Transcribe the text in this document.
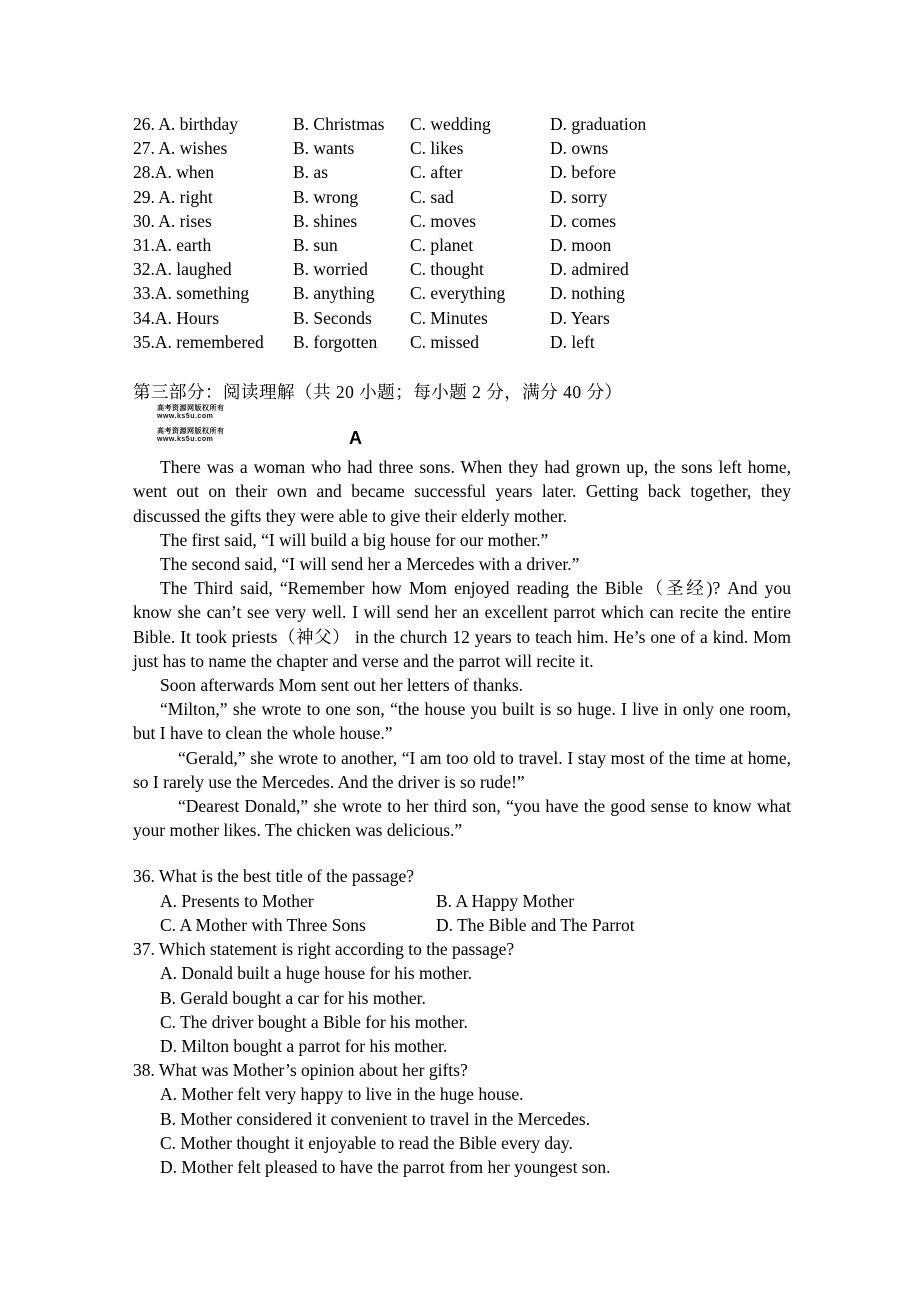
26. A. birthday	B. Christmas C. wedding	D. graduation
27. A. wishes	B. wants	C. likes	D. owns
28.A. when	B. as	C. after	D. before
29. A. right	B. wrong	C. sad	D. sorry
30. A. rises	B. shines	C. moves	D. comes
31.A. earth	B. sun	C. planet	D. moon
32.A. laughed	B. worried C. thought	D. admired
33.A. something	B. anything C. everything	D. nothing
34.A. Hours	B. Seconds C. Minutes	D. Years
35.A. remembered B. forgotten C. missed	D. left
第三部分：阅读理解（共 20 小题；每小题 2 分，满分 40 分）
高考资源网版权所有
www.ks5u.com
高考资源网版权所有
www.ks5u.com	A

There was a woman who had three sons. When they had grown up, the sons left home, went out on their own and became successful years later. Getting back together, they discussed the gifts they were able to give their elderly mother.

The first said, “I will build a big house for our mother.”

The second said, “I will send her a Mercedes with a driver.”

The Third said, “Remember how Mom enjoyed reading the Bible（圣经)? And you know she can’t see very well. I will send her an excellent parrot which can recite the entire Bible. It took priests（神父） in the church 12 years to teach him. He’s one of a kind. Mom just has to name the chapter and verse and the parrot will recite it.

Soon afterwards Mom sent out her letters of thanks.

“Milton,” she wrote to one son, “the house you built is so huge. I live in only one room, but I have to clean the whole house.”

“Gerald,” she wrote to another, “I am too old to travel. I stay most of the time at home, so I rarely use the Mercedes. And the driver is so rude!”

“Dearest Donald,” she wrote to her third son, “you have the good sense to know what your mother likes. The chicken was delicious.”

36. What is the best title of the passage?
A. Presents to Mother	B. A Happy Mother
C. A Mother with Three Sons	D. The Bible and The Parrot
37. Which statement is right according to the passage?
A. Donald built a huge house for his mother.
B. Gerald bought a car for his mother.
C. The driver bought a Bible for his mother.
D. Milton bought a parrot for his mother.
38. What was Mother’s opinion about her gifts?
A. Mother felt very happy to live in the huge house.
B. Mother considered it convenient to travel in the Mercedes.
C. Mother thought it enjoyable to read the Bible every day.
D. Mother felt pleased to have the parrot from her youngest son.
